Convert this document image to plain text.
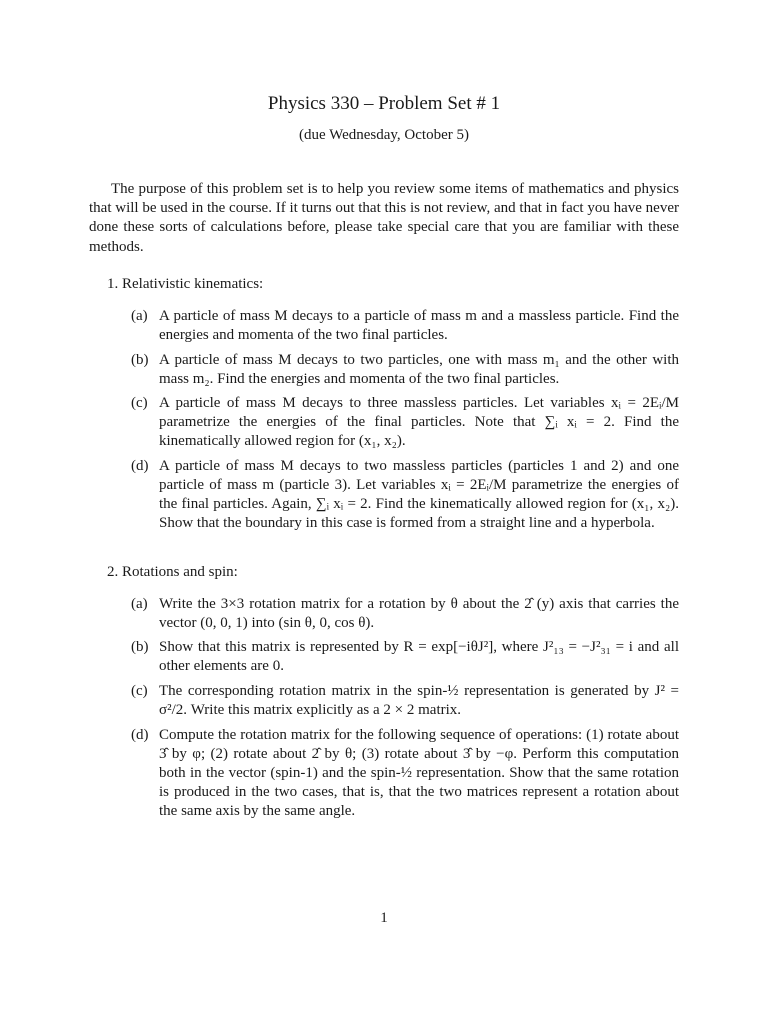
Physics 330 – Problem Set # 1
(due Wednesday, October 5)

The purpose of this problem set is to help you review some items of mathematics and physics that will be used in the course. If it turns out that this is not review, and that in fact you have never done these sorts of calculations before, please take special care that you are familiar with these methods.

1. Relativistic kinematics:
(a) A particle of mass M decays to a particle of mass m and a massless particle. Find the energies and momenta of the two final particles.
(b) A particle of mass M decays to two particles, one with mass m₁ and the other with mass m₂. Find the energies and momenta of the two final particles.
(c) A particle of mass M decays to three massless particles. Let variables xᵢ = 2Eᵢ/M parametrize the energies of the final particles. Note that ∑ᵢ xᵢ = 2. Find the kinematically allowed region for (x₁, x₂).
(d) A particle of mass M decays to two massless particles (particles 1 and 2) and one particle of mass m (particle 3). Let variables xᵢ = 2Eᵢ/M parametrize the energies of the final particles. Again, ∑ᵢ xᵢ = 2. Find the kinematically allowed region for (x₁, x₂). Show that the boundary in this case is formed from a straight line and a hyperbola.
2. Rotations and spin:
(a) Write the 3×3 rotation matrix for a rotation by θ about the 2̂ (y) axis that carries the vector (0, 0, 1) into (sin θ, 0, cos θ).
(b) Show that this matrix is represented by R = exp[−iθJ²], where J²₁₃ = −J²₃₁ = i and all other elements are 0.
(c) The corresponding rotation matrix in the spin-½ representation is generated by J² = σ²/2. Write this matrix explicitly as a 2 × 2 matrix.
(d) Compute the rotation matrix for the following sequence of operations: (1) rotate about 3̂ by φ; (2) rotate about 2̂ by θ; (3) rotate about 3̂ by −φ. Perform this computation both in the vector (spin-1) and the spin-½ representation. Show that the same rotation is produced in the two cases, that is, that the two matrices represent a rotation about the same axis by the same angle.
1
